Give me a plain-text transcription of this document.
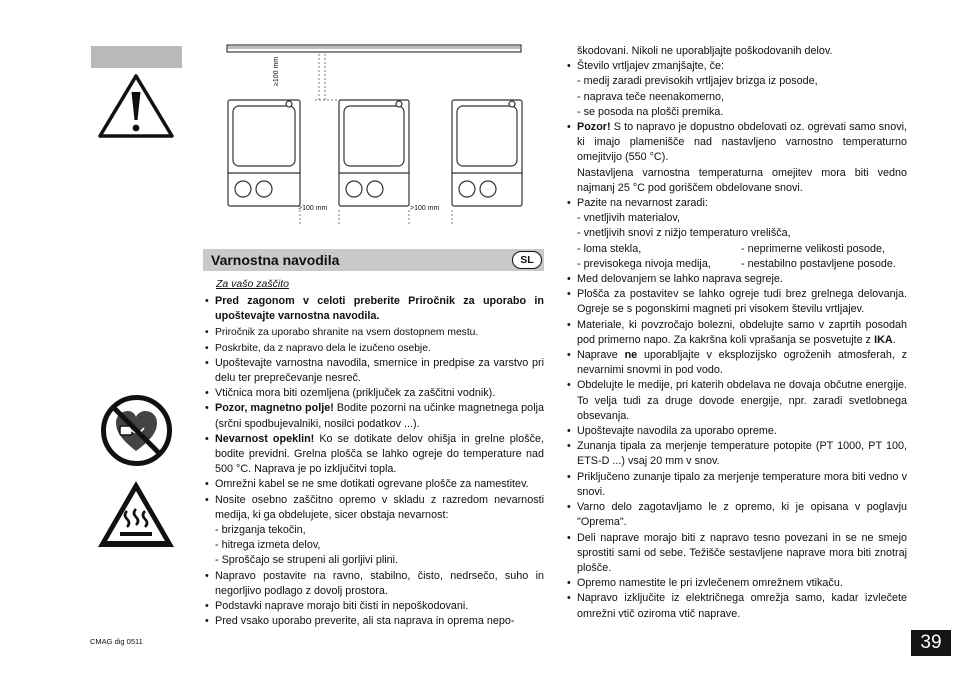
≥100 mm
>100 mm	>100 mm
Varnostna navodila	SL
Za vašo zaščito

• Pred zagonom v celoti preberite Priročnik za uporabo in upoštevajte varnostna navodila.

• Priročnik za uporabo shranite na vsem dostopnem mestu.

• Poskrbite, da z napravo dela le izučeno osebje.

• Upoštevajte varnostna navodila, smernice in predpise za varstvo pri delu ter preprečevanje nesreč.

• Vtičnica mora biti ozemljena (priključek za zaščitni vodnik).

• Pozor, magnetno polje! Bodite pozorni na učinke magnetnega polja (srčni spodbujevalniki, nosilci podatkov ...).

• Nevarnost opeklin! Ko se dotikate delov ohišja in grelne plošče, bodite previdni. Grelna plošča se lahko ogreje do temperature nad 500 °C. Naprava je po izključitvi topla.

• Omrežni kabel se ne sme dotikati ogrevane plošče za namestitev.

• Nosite osebno zaščitno opremo v skladu z razredom nevarnosti medija, ki ga obdelujete, sicer obstaja nevarnost:

- brizganja tekočin,

- hitrega izmeta delov,

- Sproščajo se strupeni ali gorljivi plini.

• Napravo postavite na ravno, stabilno, čisto, nedrsečo, suho in negorljivo podlago z dovolj prostora.

• Podstavki naprave morajo biti čisti in nepoškodovani.

• Pred vsako uporabo preverite, ali sta naprava in oprema nepo-

škodovani. Nikoli ne uporabljajte poškodovanih delov.

• Število vrtljajev zmanjšajte, če:

- medij zaradi previsokih vrtljajev brizga iz posode,

- naprava teče neenakomerno,

- se posoda na plošči premika.

• Pozor! S to napravo je dopustno obdelovati oz. ogrevati samo snovi, ki imajo plamenišče nad nastavljeno varnostno temperaturno omejitvijo (550 °C).

Nastavljena varnostna temperaturna omejitev mora biti vedno najmanj 25 °C pod goriščem obdelovane snovi.

• Pazite na nevarnost zaradi:

- vnetljivih materialov,

- vnetljivih snovi z nižjo temperaturo vrelišča,

- loma stekla,	- neprimerne velikosti posode,

- previsokega nivoja medija,	- nestabilno postavljene posode.

• Med delovanjem se lahko naprava segreje.

• Plošča za postavitev se lahko ogreje tudi brez grelnega delovanja. Ogreje se s pogonskimi magneti pri visokem številu vrtljajev.

• Materiale, ki povzročajo bolezni, obdelujte samo v zaprtih posodah pod primerno napo. Za kakršna koli vprašanja se posvetujte z IKA.

• Naprave ne uporabljajte v eksplozijsko ogroženih atmosferah, z nevarnimi snovmi in pod vodo.

• Obdelujte le medije, pri katerih obdelava ne dovaja občutne energije. To velja tudi za druge dovode energije, npr. zaradi svetlobnega obsevanja.

• Upoštevajte navodila za uporabo opreme.

• Zunanja tipala za merjenje temperature potopite (PT 1000, PT 100, ETS-D ...) vsaj 20 mm v snov.

• Priključeno zunanje tipalo za merjenje temperature mora biti vedno v snovi.

• Varno delo zagotavljamo le z opremo, ki je opisana v poglavju "Oprema".

• Deli naprave morajo biti z napravo tesno povezani in se ne smejo sprostiti sami od sebe. Težišče sestavljene naprave mora biti znotraj plošče.

• Opremo namestite le pri izvlečenem omrežnem vtikaču.

• Napravo izključite iz električnega omrežja samo, kadar izvlečete omrežni vtič oziroma vtič naprave.

CMAG dig 0511	39
